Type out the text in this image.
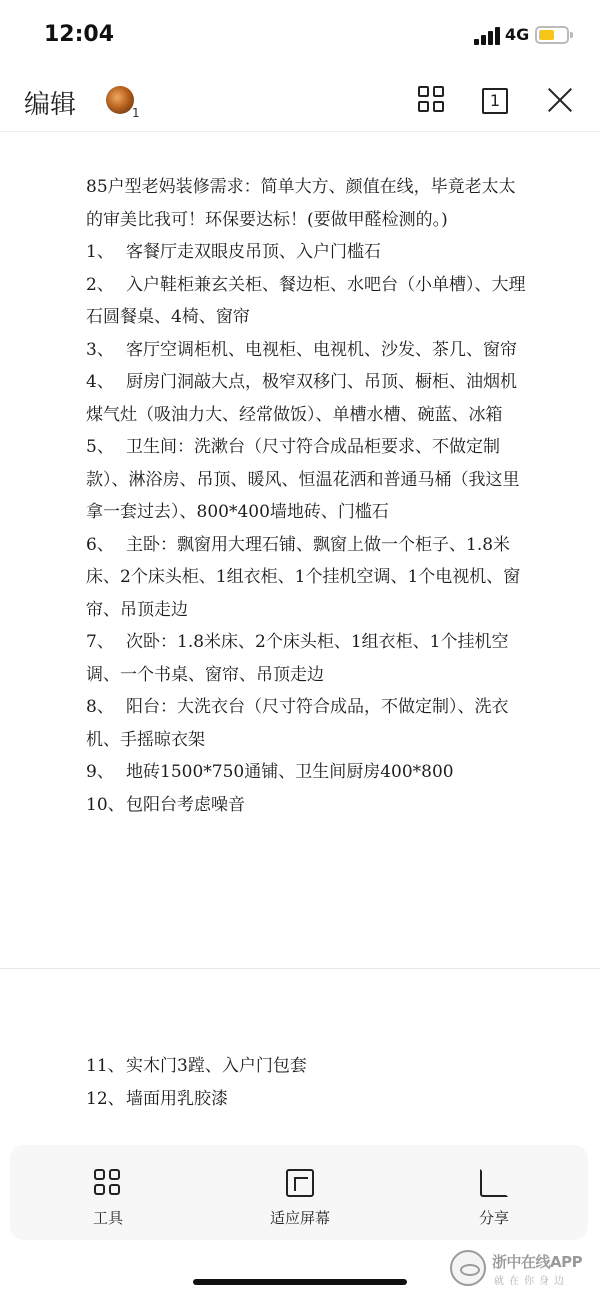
12:04	4G
编辑	1
1

85户型老妈装修需求：简单大方、颜值在线，毕竟老太太的审美比我可！环保要达标！(要做甲醛检测的。)

1、 客餐厅走双眼皮吊顶、入户门槛石
2、 入户鞋柜兼玄关柜、餐边柜、水吧台（小单槽）、大理石圆餐桌、4椅、窗帘
3、 客厅空调柜机、电视柜、电视机、沙发、茶几、窗帘
4、 厨房门洞敲大点，极窄双移门、吊顶、橱柜、油烟机煤气灶（吸油力大、经常做饭）、单槽水槽、碗蓝、冰箱
5、 卫生间：洗漱台（尺寸符合成品柜要求、不做定制款）、淋浴房、吊顶、暖风、恒温花洒和普通马桶（我这里拿一套过去）、800*400墙地砖、门槛石
6、 主卧：飘窗用大理石铺、飘窗上做一个柜子、1.8米床、2个床头柜、1组衣柜、1个挂机空调、1个电视机、窗帘、吊顶走边
7、 次卧：1.8米床、2个床头柜、1组衣柜、1个挂机空调、一个书桌、窗帘、吊顶走边
8、 阳台：大洗衣台（尺寸符合成品，不做定制）、洗衣机、手摇晾衣架
9、 地砖1500*750通铺、卫生间厨房400*800
10、包阳台考虑噪音
11、实木门3蹚、入户门包套
12、墙面用乳胶漆
工具	适应屏幕	分享
浙中在线APP
就在你身边
